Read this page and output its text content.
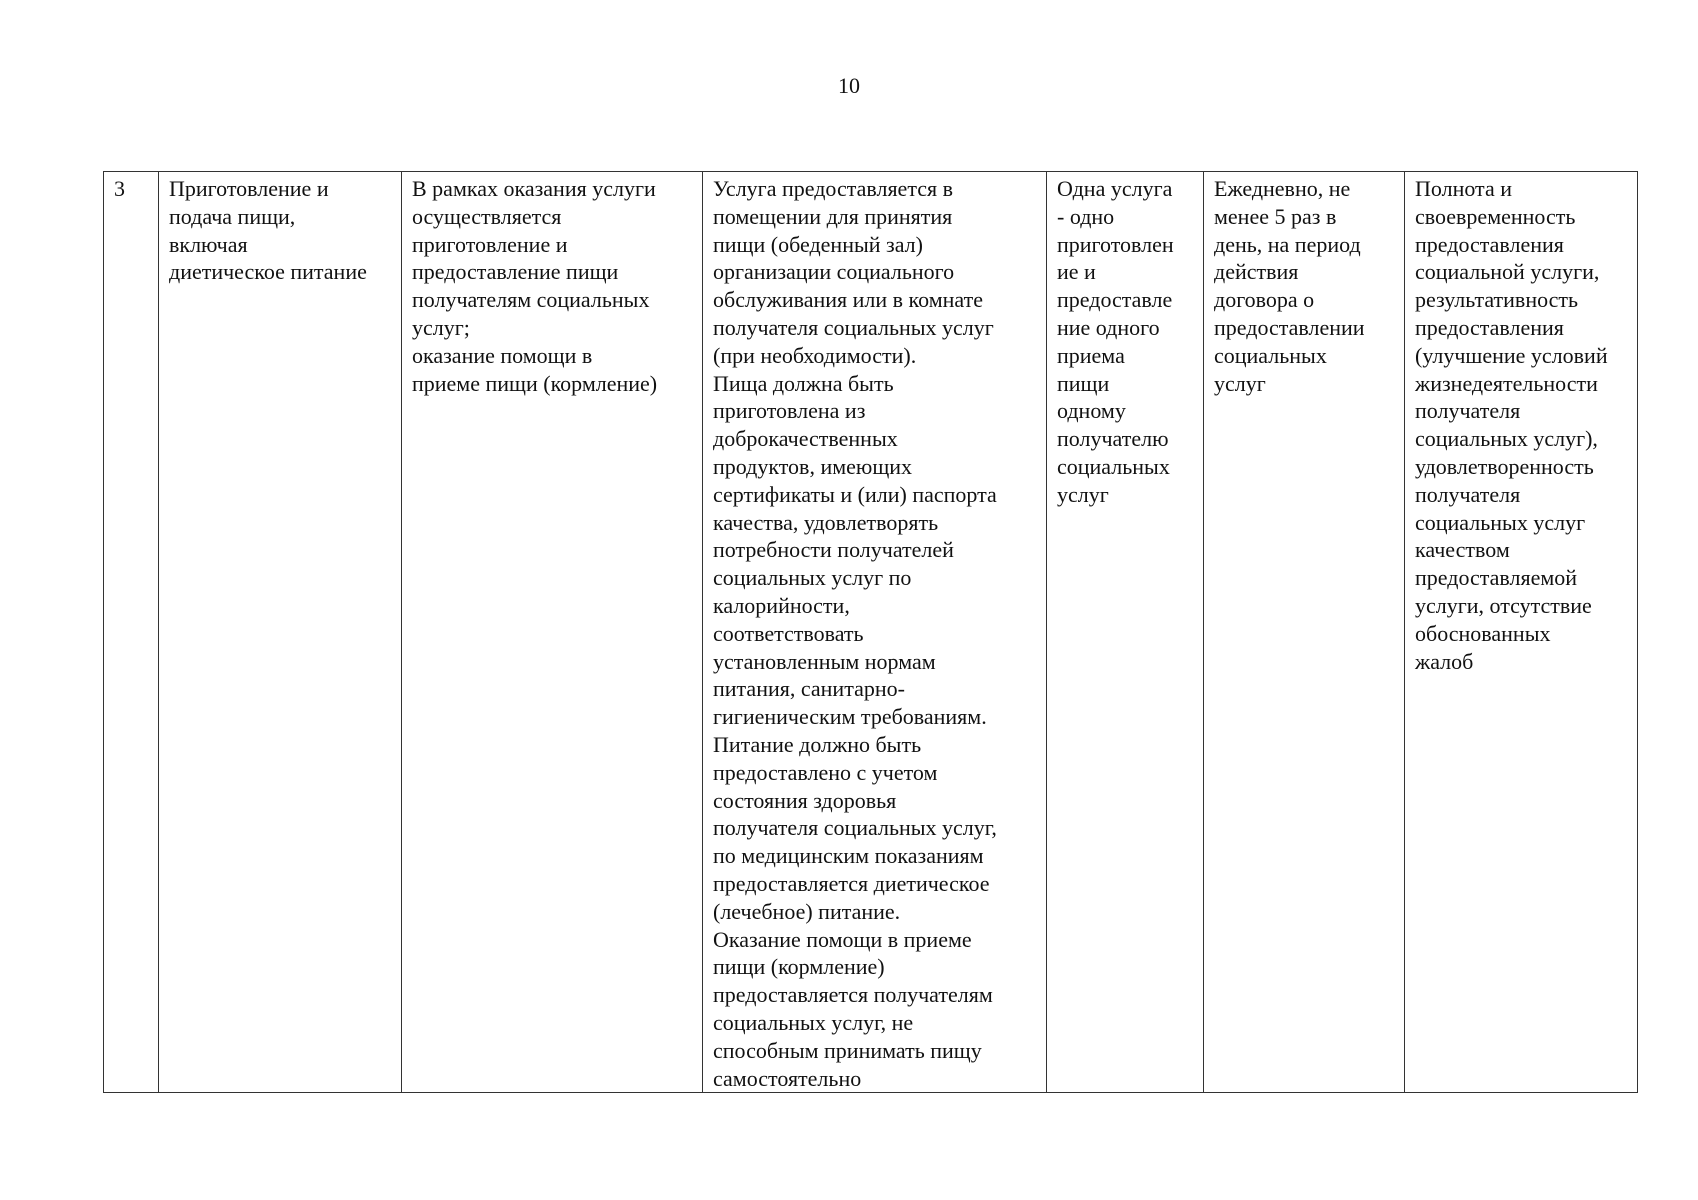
10
3	Приготовление и
подача пищи,
включая
диетическое питание	В рамках оказания услуги
осуществляется
приготовление и
предоставление пищи
получателям социальных
услуг;
оказание помощи в
приеме пищи (кормление)	Услуга предоставляется в
помещении для принятия
пищи (обеденный зал)
организации социального
обслуживания или в комнате
получателя социальных услуг
(при необходимости).
Пища должна быть
приготовлена из
доброкачественных
продуктов, имеющих
сертификаты и (или) паспорта
качества, удовлетворять
потребности получателей
социальных услуг по
калорийности,
соответствовать
установленным нормам
питания, санитарно-
гигиеническим требованиям.
Питание должно быть
предоставлено с учетом
состояния здоровья
получателя социальных услуг,
по медицинским показаниям
предоставляется диетическое
(лечебное) питание.
Оказание помощи в приеме
пищи (кормление)
предоставляется получателям
социальных услуг, не
способным принимать пищу
самостоятельно	Одна услуга
- одно
приготовлен
ие и
предоставле
ние одного
приема
пищи
одному
получателю
социальных
услуг	Ежедневно, не
менее 5 раз в
день, на период
действия
договора о
предоставлении
социальных
услуг	Полнота и
своевременность
предоставления
социальной услуги,
результативность
предоставления
(улучшение условий
жизнедеятельности
получателя
социальных услуг),
удовлетворенность
получателя
социальных услуг
качеством
предоставляемой
услуги, отсутствие
обоснованных
жалоб
